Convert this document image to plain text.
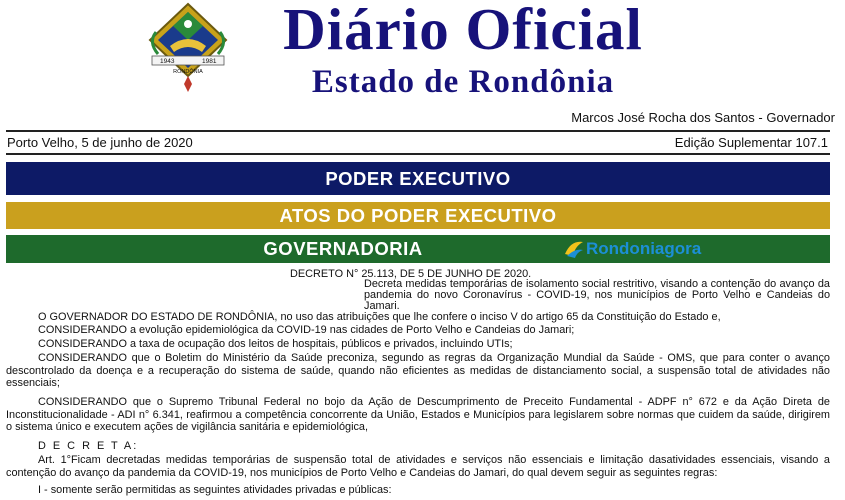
1943	1981
RONDÔNIA
Diário Oficial
Estado de Rondônia
Marcos José Rocha dos Santos - Governador
Porto Velho, 5 de junho de 2020	Edição Suplementar 107.1
PODER EXECUTIVO
ATOS DO PODER EXECUTIVO
GOVERNADORIA	Rondoniagora
DECRETO N° 25.113, DE 5 DE JUNHO DE 2020.
Decreta medidas temporárias de isolamento social restritivo, visando a contenção do avanço da pandemia do novo Coronavírus - COVID-19, nos municípios de Porto Velho e Candeias do Jamari.
O GOVERNADOR DO ESTADO DE RONDÔNIA, no uso das atribuições que lhe confere o inciso V do artigo 65 da Constituição do Estado e,
CONSIDERANDO a evolução epidemiológica da COVID-19 nas cidades de Porto Velho e Candeias do Jamari;
CONSIDERANDO a taxa de ocupação dos leitos de hospitais, públicos e privados, incluindo UTIs;
CONSIDERANDO que o Boletim do Ministério da Saúde preconiza, segundo as regras da Organização Mundial da Saúde - OMS, que para conter o avanço descontrolado da doença e a recuperação do sistema de saúde, quando não eficientes as medidas de distanciamento social, a suspensão total de atividades não essenciais;
CONSIDERANDO que o Supremo Tribunal Federal no bojo da Ação de Descumprimento de Preceito Fundamental - ADPF n° 672 e da Ação Direta de Inconstitucionalidade - ADI n° 6.341, reafirmou a competência concorrente da União, Estados e Municípios para legislarem sobre normas que cuidem da saúde, dirigirem o sistema único e executem ações de vigilância sanitária e epidemiológica,
D E C R E T A:
Art. 1°Ficam decretadas medidas temporárias de suspensão total de atividades e serviços não essenciais e limitação dasatividades essenciais, visando a contenção do avanço da pandemia da COVID-19, nos municípios de Porto Velho e Candeias do Jamari, do qual devem seguir as seguintes regras:
I - somente serão permitidas as seguintes atividades privadas e públicas:
